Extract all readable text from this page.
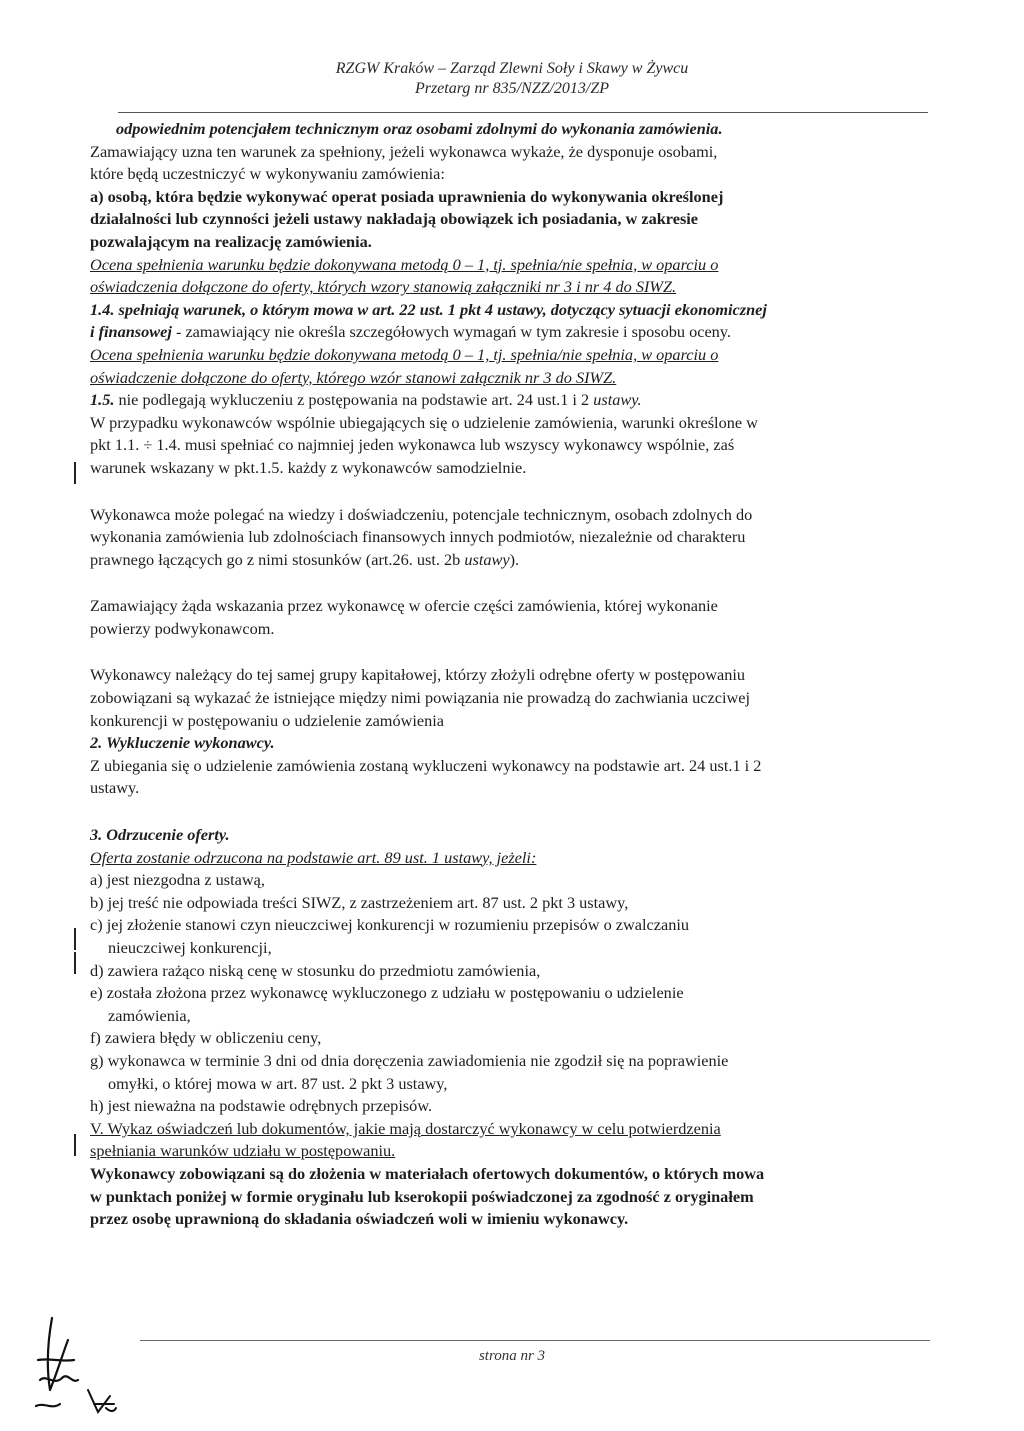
RZGW Kraków – Zarząd Zlewni Soły i Skawy w Żywcu
Przetarg nr 835/NZZ/2013/ZP

odpowiednim potencjałem technicznym oraz osobami zdolnymi do wykonania zamówienia.

Zamawiający uzna ten warunek za spełniony, jeżeli wykonawca wykaże, że dysponuje osobami,

które będą uczestniczyć w wykonywaniu zamówienia:

a) osobą, która będzie wykonywać operat posiada uprawnienia do wykonywania określonej

działalności lub czynności jeżeli ustawy nakładają obowiązek ich posiadania, w zakresie

pozwalającym na realizację zamówienia.

Ocena spełnienia warunku będzie dokonywana metodą 0 – 1, tj. spełnia/nie spełnia, w oparciu o

oświadczenia dołączone do oferty, których wzory stanowią załączniki nr 3 i nr 4 do SIWZ.

1.4. spełniają warunek, o którym mowa w art. 22 ust. 1 pkt 4 ustawy, dotyczący sytuacji ekonomicznej

i finansowej - zamawiający nie określa szczegółowych wymagań w tym zakresie i sposobu oceny.

Ocena spełnienia warunku będzie dokonywana metodą 0 – 1, tj. spełnia/nie spełnia, w oparciu o

oświadczenie dołączone do oferty, którego wzór stanowi załącznik nr 3 do SIWZ.

1.5. nie podlegają wykluczeniu z postępowania na podstawie art. 24 ust.1 i 2 ustawy.

W przypadku wykonawców wspólnie ubiegających się o udzielenie zamówienia, warunki określone w

pkt 1.1. ÷ 1.4. musi spełniać co najmniej jeden wykonawca lub wszyscy wykonawcy wspólnie, zaś

warunek wskazany w pkt.1.5. każdy z wykonawców samodzielnie.

Wykonawca może polegać na wiedzy i doświadczeniu, potencjale technicznym, osobach zdolnych do

wykonania zamówienia lub zdolnościach finansowych innych podmiotów, niezależnie od charakteru

prawnego łączących go z nimi stosunków (art.26. ust. 2b ustawy).

Zamawiający żąda wskazania przez wykonawcę w ofercie części zamówienia, której wykonanie

powierzy podwykonawcom.

Wykonawcy należący do tej samej grupy kapitałowej, którzy złożyli odrębne oferty w postępowaniu

zobowiązani są wykazać że istniejące między nimi powiązania nie prowadzą do zachwiania uczciwej

konkurencji w postępowaniu o udzielenie zamówienia

2. Wykluczenie wykonawcy.

Z ubiegania się o udzielenie zamówienia zostaną wykluczeni wykonawcy na podstawie art. 24 ust.1 i 2

ustawy.

3. Odrzucenie oferty.

Oferta zostanie odrzucona na podstawie art. 89 ust. 1 ustawy, jeżeli:

a) jest niezgodna z ustawą,

b) jej treść nie odpowiada treści SIWZ, z zastrzeżeniem art. 87 ust. 2 pkt 3 ustawy,

c) jej złożenie stanowi czyn nieuczciwej konkurencji w rozumieniu przepisów o zwalczaniu

nieuczciwej konkurencji,

d) zawiera rażąco niską cenę w stosunku do przedmiotu zamówienia,

e) została złożona przez wykonawcę wykluczonego z udziału w postępowaniu o udzielenie

zamówienia,

f) zawiera błędy w obliczeniu ceny,

g) wykonawca w terminie 3 dni od dnia doręczenia zawiadomienia nie zgodził się na poprawienie

omyłki, o której mowa w art. 87 ust. 2 pkt 3 ustawy,

h) jest nieważna na podstawie odrębnych przepisów.

V. Wykaz oświadczeń lub dokumentów, jakie mają dostarczyć wykonawcy w celu potwierdzenia

spełniania warunków udziału w postępowaniu.

Wykonawcy zobowiązani są do złożenia w materiałach ofertowych dokumentów, o których mowa

w punktach poniżej w formie oryginału lub kserokopii poświadczonej za zgodność z oryginałem

przez osobę uprawnioną do składania oświadczeń woli w imieniu wykonawcy.

strona nr 3
